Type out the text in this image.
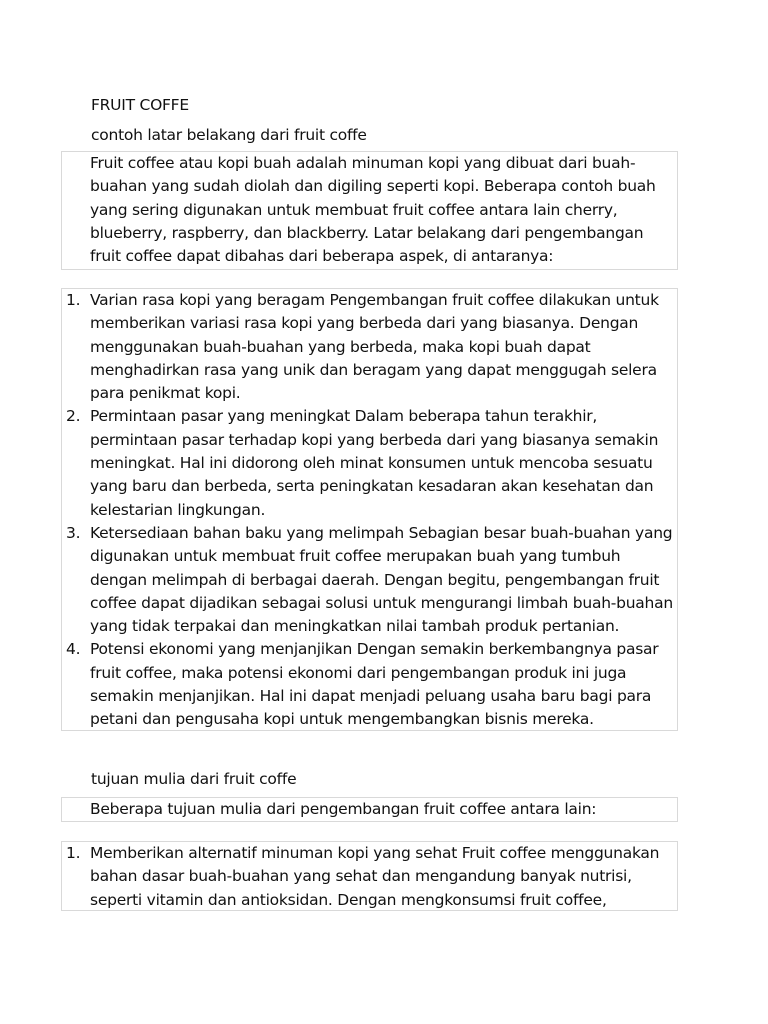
FRUIT COFFE

contoh latar belakang dari fruit coffe

Fruit coffee atau kopi buah adalah minuman kopi yang dibuat dari buah-buahan yang sudah diolah dan digiling seperti kopi. Beberapa contoh buah yang sering digunakan untuk membuat fruit coffee antara lain cherry, blueberry, raspberry, dan blackberry. Latar belakang dari pengembangan fruit coffee dapat dibahas dari beberapa aspek, di antaranya:

1. Varian rasa kopi yang beragam Pengembangan fruit coffee dilakukan untuk memberikan variasi rasa kopi yang berbeda dari yang biasanya. Dengan menggunakan buah-buahan yang berbeda, maka kopi buah dapat menghadirkan rasa yang unik dan beragam yang dapat menggugah selera para penikmat kopi.
2. Permintaan pasar yang meningkat Dalam beberapa tahun terakhir, permintaan pasar terhadap kopi yang berbeda dari yang biasanya semakin meningkat. Hal ini didorong oleh minat konsumen untuk mencoba sesuatu yang baru dan berbeda, serta peningkatan kesadaran akan kesehatan dan kelestarian lingkungan.
3. Ketersediaan bahan baku yang melimpah Sebagian besar buah-buahan yang digunakan untuk membuat fruit coffee merupakan buah yang tumbuh dengan melimpah di berbagai daerah. Dengan begitu, pengembangan fruit coffee dapat dijadikan sebagai solusi untuk mengurangi limbah buah-buahan yang tidak terpakai dan meningkatkan nilai tambah produk pertanian.
4. Potensi ekonomi yang menjanjikan Dengan semakin berkembangnya pasar fruit coffee, maka potensi ekonomi dari pengembangan produk ini juga semakin menjanjikan. Hal ini dapat menjadi peluang usaha baru bagi para petani dan pengusaha kopi untuk mengembangkan bisnis mereka.

tujuan mulia dari fruit coffe

Beberapa tujuan mulia dari pengembangan fruit coffee antara lain:

1. Memberikan alternatif minuman kopi yang sehat Fruit coffee menggunakan bahan dasar buah-buahan yang sehat dan mengandung banyak nutrisi, seperti vitamin dan antioksidan. Dengan mengkonsumsi fruit coffee,
